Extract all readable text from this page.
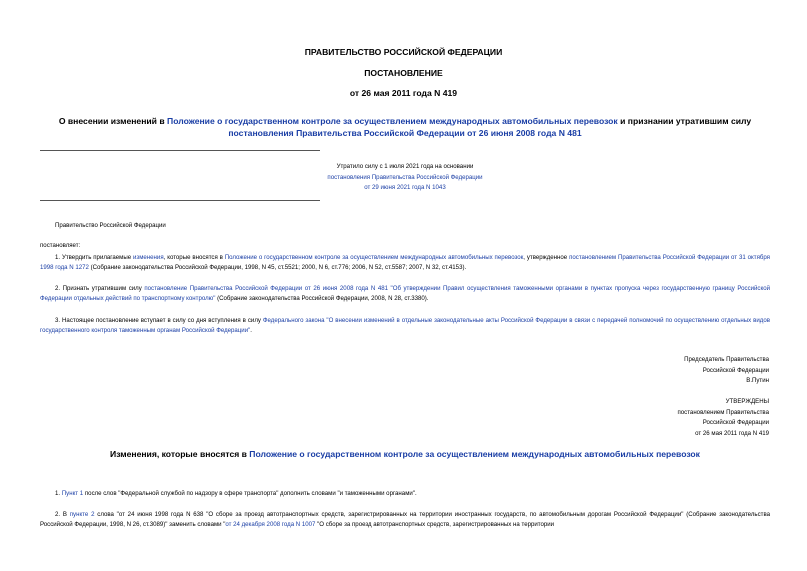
ПРАВИТЕЛЬСТВО РОССИЙСКОЙ ФЕДЕРАЦИИ
ПОСТАНОВЛЕНИЕ
от 26 мая 2011 года N 419
О внесении изменений в Положение о государственном контроле за осуществлением международных автомобильных перевозок и признании утратившим силу постановления Правительства Российской Федерации от 26 июня 2008 года N 481
Утратило силу с 1 июля 2021 года на основании
постановления Правительства Российской Федерации
от 29 июня 2021 года N 1043
Правительство Российской Федерации
постановляет:
1. Утвердить прилагаемые изменения, которые вносятся в Положение о государственном контроле за осуществлением международных автомобильных перевозок, утвержденное постановлением Правительства Российской Федерации от 31 октября 1998 года N 1272 (Собрание законодательства Российской Федерации, 1998, N 45, ст.5521; 2000, N 6, ст.776; 2006, N 52, ст.5587; 2007, N 32, ст.4153).
2. Признать утратившим силу постановление Правительства Российской Федерации от 26 июня 2008 года N 481 "Об утверждении Правил осуществления таможенными органами в пунктах пропуска через государственную границу Российской Федерации отдельных действий по транспортному контролю" (Собрание законодательства Российской Федерации, 2008, N 28, ст.3380).
3. Настоящее постановление вступает в силу со дня вступления в силу Федерального закона "О внесении изменений в отдельные законодательные акты Российской Федерации в связи с передачей полномочий по осуществлению отдельных видов государственного контроля таможенным органам Российской Федерации".
Председатель Правительства
Российской Федерации
В.Путин
УТВЕРЖДЕНЫ
постановлением Правительства
Российской Федерации
от 26 мая 2011 года N 419
Изменения, которые вносятся в Положение о государственном контроле за осуществлением международных автомобильных перевозок
1. Пункт 1 после слов "Федеральной службой по надзору в сфере транспорта" дополнить словами "и таможенными органами".
2. В пункте 2 слова "от 24 июня 1998 года N 638 "О сборе за проезд автотранспортных средств, зарегистрированных на территории иностранных государств, по автомобильным дорогам Российской Федерации" (Собрание законодательства Российской Федерации, 1998, N 26, ст.3089)" заменить словами "от 24 декабря 2008 года N 1007 "О сборе за проезд автотранспортных средств, зарегистрированных на территории
